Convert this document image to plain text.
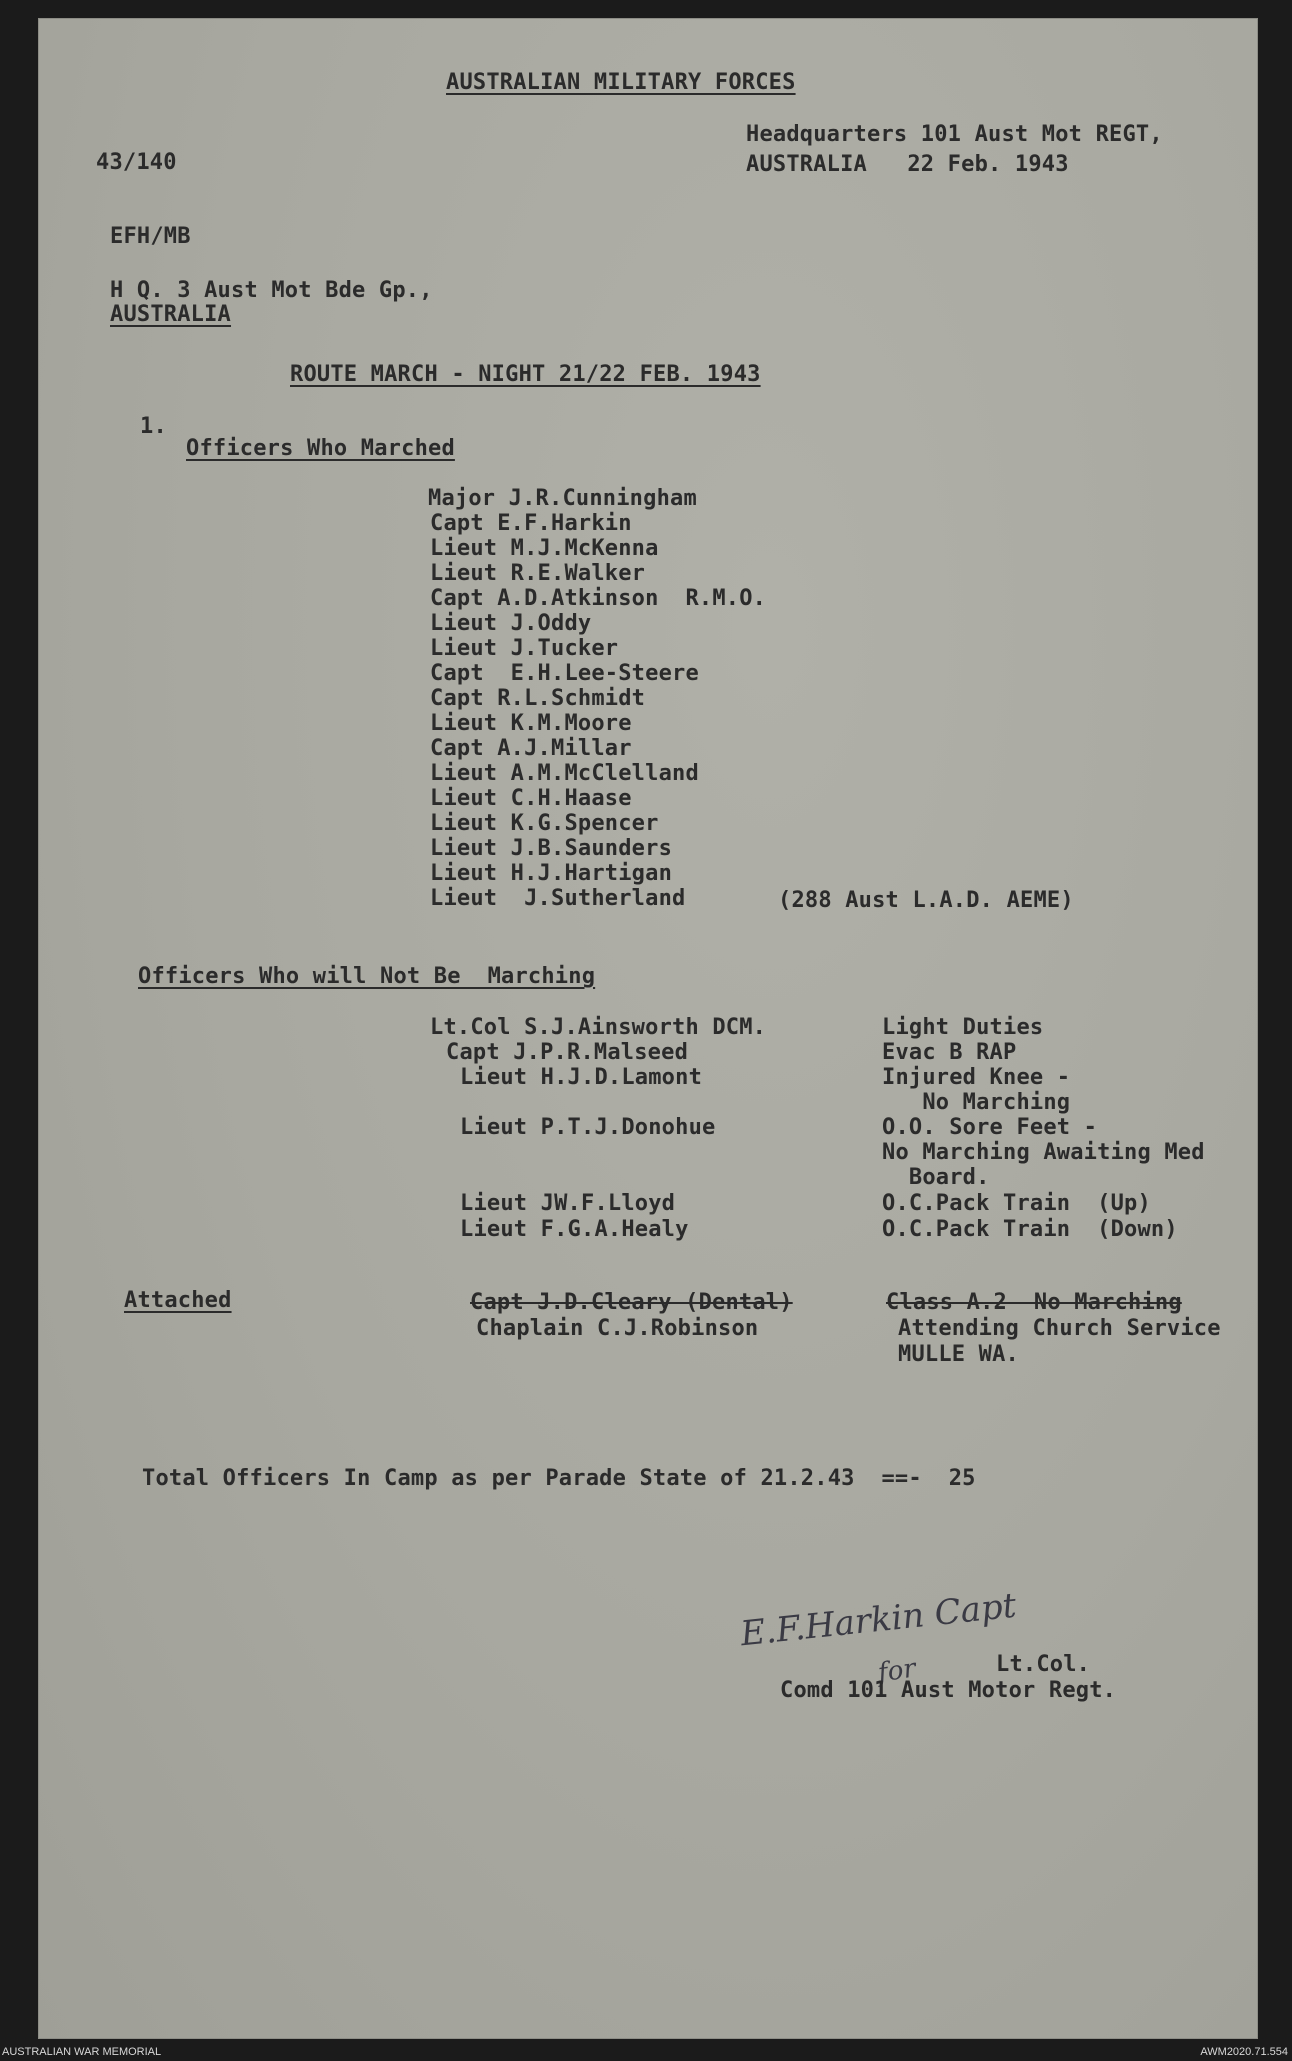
AUSTRALIAN MILITARY FORCES
43/140
Headquarters 101 Aust Mot REGT,
AUSTRALIA   22 Feb. 1943
EFH/MB
H Q. 3 Aust Mot Bde Gp.,
AUSTRALIA
ROUTE MARCH - NIGHT 21/22 FEB. 1943
1.
Officers Who Marched
Major J.R.Cunningham
Capt E.F.Harkin
Lieut M.J.McKenna
Lieut R.E.Walker
Capt A.D.Atkinson  R.M.O.
Lieut J.Oddy
Lieut J.Tucker
Capt  E.H.Lee-Steere
Capt R.L.Schmidt
Lieut K.M.Moore
Capt A.J.Millar
Lieut A.M.McClelland
Lieut C.H.Haase
Lieut K.G.Spencer
Lieut J.B.Saunders
Lieut H.J.Hartigan
Lieut  J.Sutherland	(288 Aust L.A.D. AEME)
Officers Who will Not Be  Marching
Lt.Col S.J.Ainsworth DCM.	Light Duties
Capt J.P.R.Malseed	Evac B RAP
Lieut H.J.D.Lamont	Injured Knee -
No Marching
Lieut P.T.J.Donohue	O.O. Sore Feet -
No Marching Awaiting Med
Board.
Lieut JW.F.Lloyd	O.C.Pack Train  (Up)
Lieut F.G.A.Healy	O.C.Pack Train  (Down)
Attached	Capt J.D.Cleary (Dental)	Class A.2  No Marching
Chaplain C.J.Robinson	Attending Church Service
MULLE WA.
Total Officers In Camp as per Parade State of 21.2.43  ==-  25
E.F.Harkin Capt
for	Lt.Col.
Comd 101 Aust Motor Regt.
AUSTRALIAN WAR MEMORIAL	AWM2020.71.554
